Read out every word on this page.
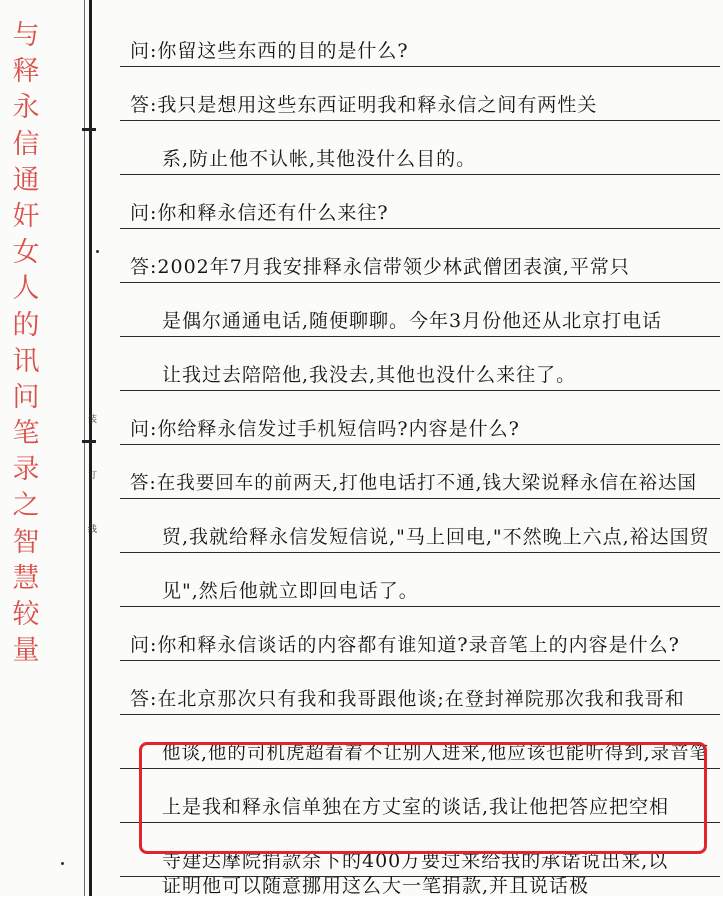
与
释
永
信
通
奸
女
人
的
讯
问
笔
录
之
智
慧
较
量
装
订
线
问:你留这些东西的目的是什么?
答:我只是想用这些东西证明我和释永信之间有两性关
系,防止他不认帐,其他没什么目的。
问:你和释永信还有什么来往?
答:2002年7月我安排释永信带领少林武僧团表演,平常只
是偶尔通通电话,随便聊聊。今年3月份他还从北京打电话
让我过去陪陪他,我没去,其他也没什么来往了。
问:你给释永信发过手机短信吗?内容是什么?
答:在我要回车的前两天,打他电话打不通,钱大梁说释永信在裕达国
贸,我就给释永信发短信说,"马上回电,"不然晚上六点,裕达国贸
见",然后他就立即回电话了。
问:你和释永信谈话的内容都有谁知道?录音笔上的内容是什么?
答:在北京那次只有我和我哥跟他谈;在登封禅院那次我和我哥和
他谈,他的司机虎超看着不让别人进来,他应该也能听得到,录音笔
上是我和释永信单独在方丈室的谈话,我让他把答应把空相
寺建达摩院捐款余下的400万要过来给我的承诺说出来,以
证明他可以随意挪用这么大一笔捐款,并且说话极
